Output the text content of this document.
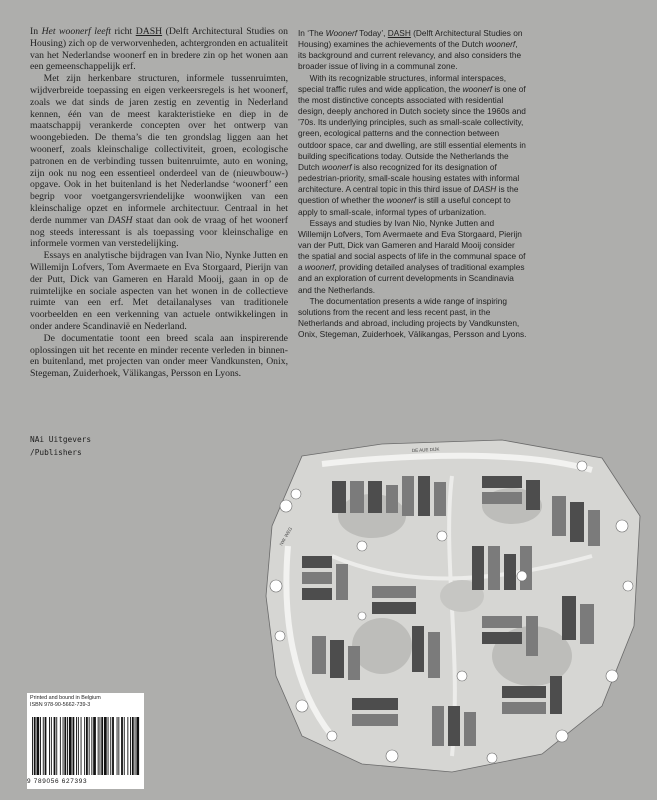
In Het woonerf leeft richt DASH (Delft Architectural Studies on Housing) zich op de verworvenheden, achtergronden en actualiteit van het Nederlandse woonerf en in bredere zin op het wonen aan een gemeenschappelijk erf.

Met zijn herkenbare structuren, informele tussenruimten, wijdverbreide toepassing en eigen verkeersregels is het woonerf, zoals we dat sinds de jaren zestig en zeventig in Nederland kennen, één van de meest karakteristieke en diep in de maatschappij verankerde concepten over het ontwerp van woongebieden. De thema’s die ten grondslag liggen aan het woonerf, zoals kleinschalige collectiviteit, groen, ecologische patronen en de verbinding tussen buitenruimte, auto en woning, zijn ook nu nog een essentieel onderdeel van de (nieuwbouw-) opgave. Ook in het buitenland is het Nederlandse ‘woonerf’ een begrip voor voetgangersvriendelijke woonwijken van een kleinschalige opzet en informele architectuur. Centraal in het derde nummer van DASH staat dan ook de vraag of het woonerf nog steeds interessant is als toepassing voor kleinschalige en informele vormen van verstedelijking.

Essays en analytische bijdragen van Ivan Nio, Nynke Jutten en Willemijn Lofvers, Tom Avermaete en Eva Storgaard, Pierijn van der Putt, Dick van Gameren en Harald Mooij, gaan in op de ruimtelijke en sociale aspecten van het wonen in de collectieve ruimte van een erf. Met detailanalyses van traditionele voorbeelden en een verkenning van actuele ontwikkelingen in onder andere Scandinavië en Nederland.

De documentatie toont een breed scala aan inspirerende oplossingen uit het recente en minder recente verleden in binnen- en buitenland, met projecten van onder meer Vandkunsten, Onix, Stegeman, Zuiderhoek, Välikangas, Persson en Lyons.

In ‘The Woonerf Today’, DASH (Delft Architectural Studies on Housing) examines the achievements of the Dutch woonerf, its background and current relevancy, and also considers the broader issue of living in a communal zone.

With its recognizable structures, informal interspaces, special traffic rules and wide application, the woonerf is one of the most distinctive concepts associated with residential design, deeply anchored in Dutch society since the 1960s and ’70s. Its underlying principles, such as small-scale collectivity, green, ecological patterns and the connection between outdoor space, car and dwelling, are still essential elements in building specifications today. Outside the Netherlands the Dutch woonerf is also recognized for its designation of pedestrian-priority, small-scale housing estates with informal architecture. A central topic in this third issue of DASH is the question of whether the woonerf is still a useful concept to apply to small-scale, informal types of urbanization.

Essays and studies by Ivan Nio, Nynke Jutten and Willemijn Lofvers, Tom Avermaete and Eva Storgaard, Pierijn van der Putt, Dick van Gameren and Harald Mooij consider the spatial and social aspects of life in the communal space of a woonerf, providing detailed analyses of traditional examples and an exploration of current developments in Scandinavia and the Netherlands.

The documentation presents a wide range of inspiring solutions from the recent and less recent past, in the Netherlands and abroad, including projects by Vandkunsten, Onix, Stegeman, Zuiderhoek, Välikangas, Persson and Lyons.

NAi Uitgevers
/Publishers	DE AUE DIJK
NW. WEG
Printed and bound in Belgium
ISBN 978-90-5662-739-3
9 789056 627393
